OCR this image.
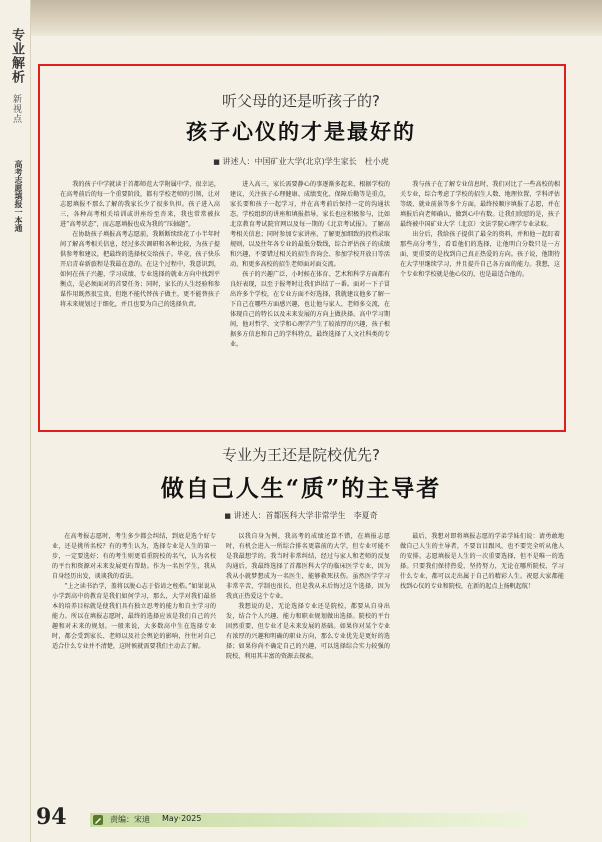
专业解析 新视点
高考志愿填报一本通
听父母的还是听孩子的?
孩子心仪的才是最好的
■ 讲述人：中国矿业大学(北京)学生家长　杜小虎

我的孩子中学就读于首都师范大学附属中学，很幸运，在高考前后的每一个重要阶段，都有学校老师的引领，让对志愿填报不那么了解的我家长少了很多负担。孩子进入高三，各种高考相关培训或讲座纷至沓来，我也常常被拉进“高考状态”，而志愿填报也成为我的“压轴题”。

在协助孩子填报高考志愿前，我断断续续花了小半年时间了解高考相关信息，经过多次调研和各种比较，为孩子提供参考和建议，把最终的选择权交给孩子。毕竟，孩子快乐开启青春新旅程是我最在意的。在这个过程中，我意识到，如何在孩子兴趣、学习成绩、专业选择的就业方向中找到平衡点，是必须面对的首要任务；同时，家长的人生经验和参谋作用既然很宝贵，但绝不能代替孩子做主，更不能替孩子将未来规划过于细化，并且也要为自己的选择负责。

进入高三，家长需要静心的事逐渐多起来，根据学校的建议，关注孩子心理健康、成绩变化、保障后勤等是重点，家长要和孩子一起学习，并在高考前后保持一定的沟通状态，学校组织的讲座和填报指导，家长也应积极参与，比如北京教育考试院官网以及每一期的《北京考试报》。了解高考相关信息；同时参加专家讲座、了解更加细致的投档录取规则，以及往年各专业的最低分数线，综合评估孩子的成绩和兴趣，不要错过相关的招生咨询会、参加学校开放日等活动，和更多高校的招生老师面对面交流。

孩子的兴趣广泛，小时候在体育、艺术和科学方面都有良好表现，以至于报考时让我们纠结了一番。面对一下子冒出许多个学校，在专业方面不好选择，我就建议他多了解一下自己在哪些方面感兴趣，也让他与家人、老师多交流，在体现自己的特长以及未来发展的方向上做抉择。高中学习期间，他对哲学、文学和心理学产生了较浓厚的兴趣，孩子根据多方信息和自己的学科特点，最终选择了人文社科类的专业。

我与孩子在了解专业信息时，我们对比了一些高校的相关专业，综合考虑了学校的招生人数、地理位置、学科评估等级、就业前景等多个方面，最终按顺序填报了志愿，并在填报后向老师确认，做到心中有数。让我们欣慰的是，孩子最终被中国矿业大学（北京）文法学院心理学专业录取。

出分后，我给孩子提供了最全的资料，并和他一起盯着那些高分考生，看看他们的选择，让他明白分数只是一方面，更重要的是找到自己真正热爱的方向。孩子说，他期待在大学里继续学习，并且提升自己各方面的能力。我想，这个专业和学校就是他心仪的，也是最适合他的。

专业为王还是院校优先?
做自己人生“质”的主导者
■ 讲述人：首都医科大学非常学生　李夏奇

在高考报志愿时，考生多少都会纠结，到底是选个好专业，还是挑所名校？有的考生认为，选择专业是人生的第一步，一定要选好；有的考生则更看重院校的名气，认为名校的平台和资源对未来发展更有帮助。作为一名医学生，我从自身经历出发，谈谈我的看法。

“上之读书治学，盖将以脱心志于俗谛之桎梏。”如果说从小学到高中的教育是我们如何学习，那么，大学对我们最基本的培养目标就是使我们具有独立思考的能力和自主学习的能力。所以在填报志愿时，最终的选择应该是我们自己的兴趣和对未来的规划。一般来说，大多数高中生在选择专业时，都会受到家长、老师以及社会舆论的影响，往往对自己适合什么专业并不清楚，这时候就需要我们主动去了解。

以我自身为例，我高考的成绩还算不错，在填报志愿时，有机会进入一所综合排名更靠前的大学，但专业可能不是我最想学的。我当时非常纠结，经过与家人和老师的反复沟通后，我最终选择了首都医科大学的临床医学专业，因为我从小就梦想成为一名医生，能够救死扶伤。虽然医学学习非常辛苦，学制也很长，但是我从未后悔过这个选择，因为我真正热爱这个专业。

我想说的是，无论选择专业还是院校，都要从自身出发，结合个人兴趣、能力和职业规划做出选择。院校的平台固然重要，但专业才是未来发展的基础。如果你对某个专业有浓厚的兴趣和明确的职业方向，那么专业优先是更好的选择；如果你尚不确定自己的兴趣，可以选择综合实力较强的院校，利用其丰富的资源去探索。

最后，我想对即将填报志愿的学弟学妹们说：请勇敢地做自己人生的主导者，不要盲目跟风，也不要完全听从他人的安排。志愿填报是人生的一次重要选择，但不是唯一的选择。只要我们保持热爱、坚持努力，无论在哪所院校、学习什么专业，都可以走出属于自己的精彩人生。祝愿大家都能找到心仪的专业和院校，在新的起点上扬帆起航！

94	责编：宋迪 May·2025
